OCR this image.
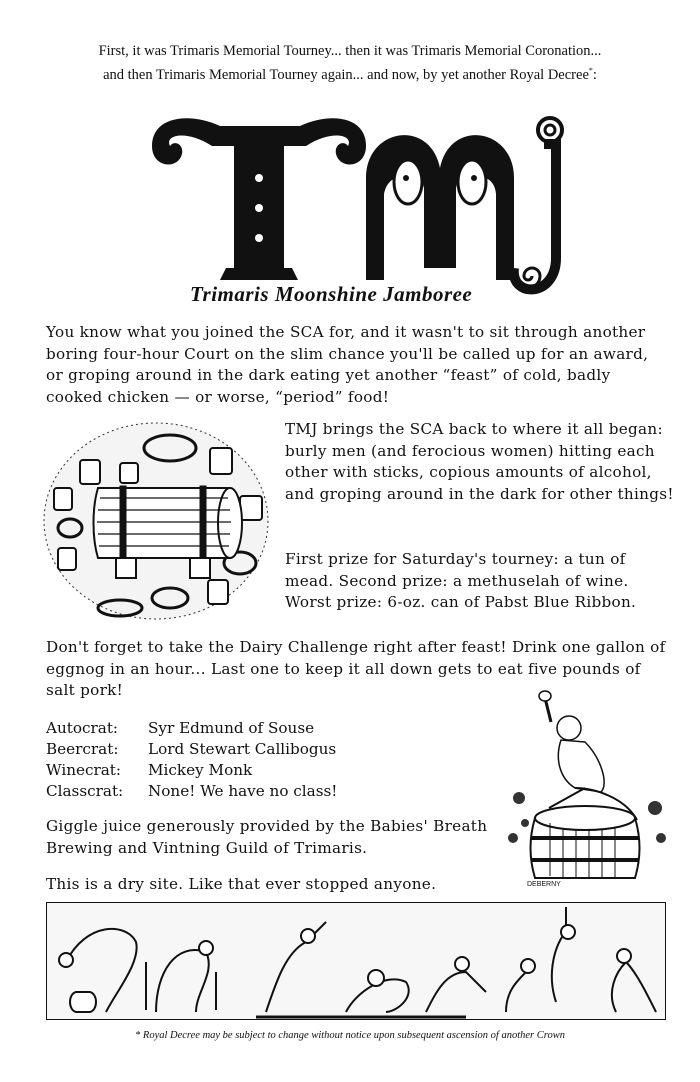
First, it was Trimaris Memorial Tourney... then it was Trimaris Memorial Coronation...

and then Trimaris Memorial Tourney again... and now, by yet another Royal Decree*:

Trimaris Moonshine Jamboree

You know what you joined the SCA for, and it wasn't to sit through another boring four-hour Court on the slim chance you'll be called up for an award, or groping around in the dark eating yet another “feast” of cold, badly cooked chicken — or worse, “period” food!

TMJ brings the SCA back to where it all began: burly men (and ferocious women) hitting each other with sticks, copious amounts of alcohol, and groping around in the dark for other things!

First prize for Saturday's tourney: a tun of mead. Second prize: a methuselah of wine. Worst prize: 6-oz. can of Pabst Blue Ribbon.

Don't forget to take the Dairy Challenge right after feast! Drink one gallon of eggnog in an hour... Last one to keep it all down gets to eat five pounds of salt pork!

Autocrat:	Syr Edmund of Souse
Beercrat:	Lord Stewart Callibogus
Winecrat:	Mickey Monk
Classcrat:	None! We have no class!

Giggle juice generously provided by the Babies' Breath Brewing and Vintning Guild of Trimaris.

This is a dry site. Like that ever stopped anyone.	DEBERNY
* Royal Decree may be subject to change without notice upon subsequent ascension of another Crown
